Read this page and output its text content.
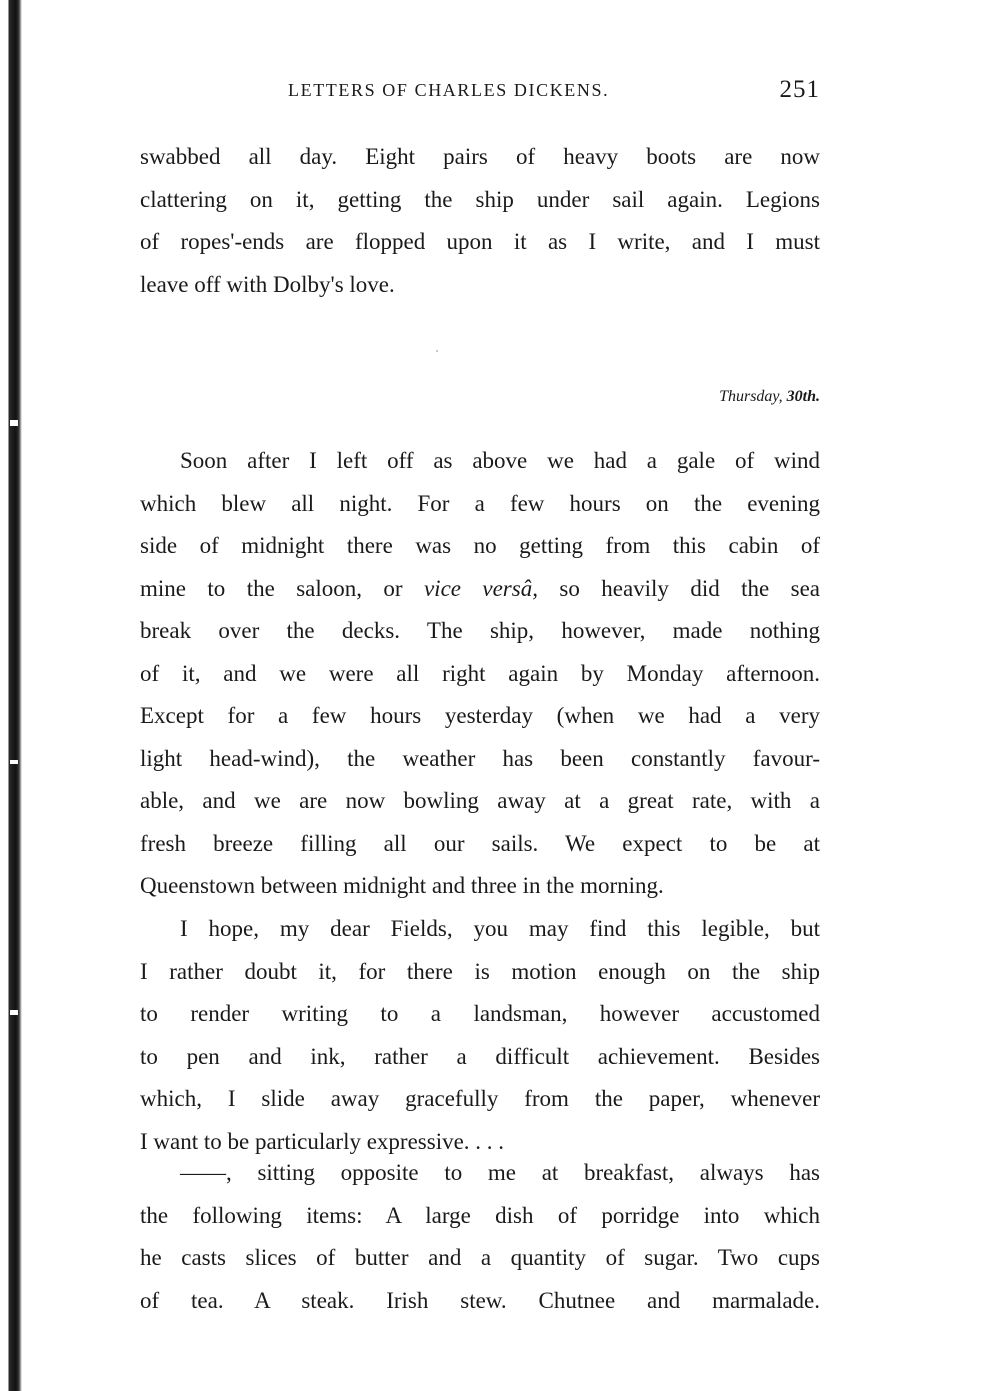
LETTERS OF CHARLES DICKENS.	251
swabbed all day. Eight pairs of heavy boots are now
clattering on it, getting the ship under sail again. Legions
of ropes'-ends are flopped upon it as I write, and I must
leave off with Dolby's love.
Thursday, 30th.
Soon after I left off as above we had a gale of wind
which blew all night. For a few hours on the evening
side of midnight there was no getting from this cabin of
mine to the saloon, or vice versâ, so heavily did the sea
break over the decks. The ship, however, made nothing
of it, and we were all right again by Monday afternoon.
Except for a few hours yesterday (when we had a very
light head-wind), the weather has been constantly favour-
able, and we are now bowling away at a great rate, with a
fresh breeze filling all our sails. We expect to be at
Queenstown between midnight and three in the morning.
I hope, my dear Fields, you may find this legible, but
I rather doubt it, for there is motion enough on the ship
to render writing to a landsman, however accustomed
to pen and ink, rather a difficult achievement. Besides
which, I slide away gracefully from the paper, whenever
I want to be particularly expressive. . . .
——, sitting opposite to me at breakfast, always has
the following items: A large dish of porridge into which
he casts slices of butter and a quantity of sugar. Two cups
of tea. A steak. Irish stew. Chutnee and marmalade.
